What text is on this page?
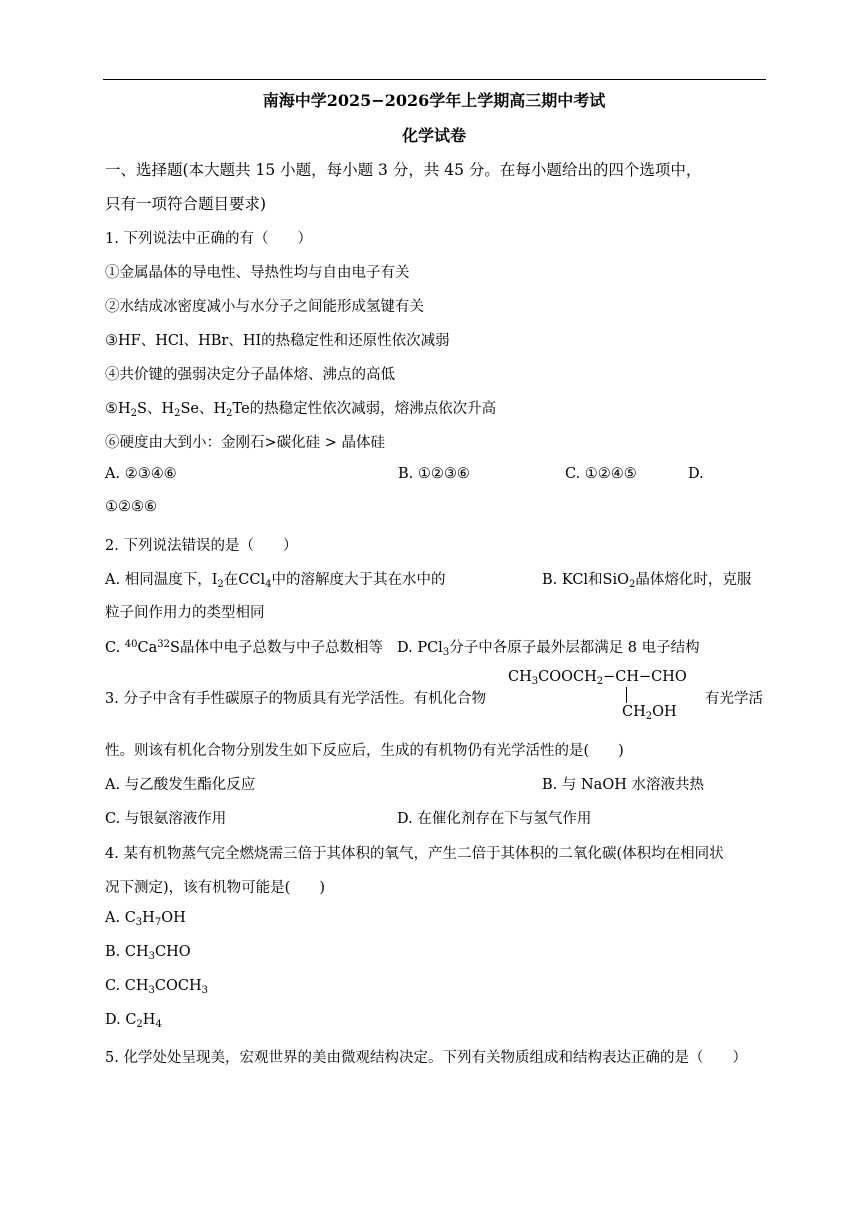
南海中学2025−2026学年上学期高三期中考试
化学试卷
一、选择题(本大题共 15 小题，每小题 3 分，共 45 分。在每小题给出的四个选项中，
只有一项符合题目要求)
1. 下列说法中正确的有（　　）
①金属晶体的导电性、导热性均与自由电子有关
②水结成冰密度减小与水分子之间能形成氢键有关
③HF、HCl、HBr、HI的热稳定性和还原性依次减弱
④共价键的强弱决定分子晶体熔、沸点的高低
$⑤H_2S$、$H_2Se$、$H_2Te$的热稳定性依次减弱，熔沸点依次升高
⑥硬度由大到小：金刚石>碳化硅 > 晶体硅
A. ②③④⑥	B. ①②③⑥	C. ①②④⑤	D.
①②⑤⑥
2. 下列说法错误的是（　　）
A. 相同温度下，$I_2$在CCl$_4$中的溶解度大于其在水中的	B. KCl和SiO$_2$晶体熔化时，克服
粒子间作用力的类型相同
C. $^{40}$Ca$^{32}$S晶体中电子总数与中子总数相等 D. PCl$_3$分子中各原子最外层都满足 8 电子结构
3. 分子中含有手性碳原子的物质具有光学活性。有机化合物
$CH_3COOCH_2-CH-CHO$
$CH_2OH$
有光学活
性。则该有机化合物分别发生如下反应后，生成的有机物仍有光学活性的是(　　)
A. 与乙酸发生酯化反应	B. 与 NaOH 水溶液共热
C. 与银氨溶液作用	D. 在催化剂存在下与氢气作用
4. 某有机物蒸气完全燃烧需三倍于其体积的氧气，产生二倍于其体积的二氧化碳(体积均在相同状
况下测定)，该有机物可能是(　　)
A. $C_3H_7OH$
B. $CH_3CHO$
C. $CH_3COCH_3$
D. $C_2H_4$
5. 化学处处呈现美，宏观世界的美由微观结构决定。下列有关物质组成和结构表达正确的是（　　）
